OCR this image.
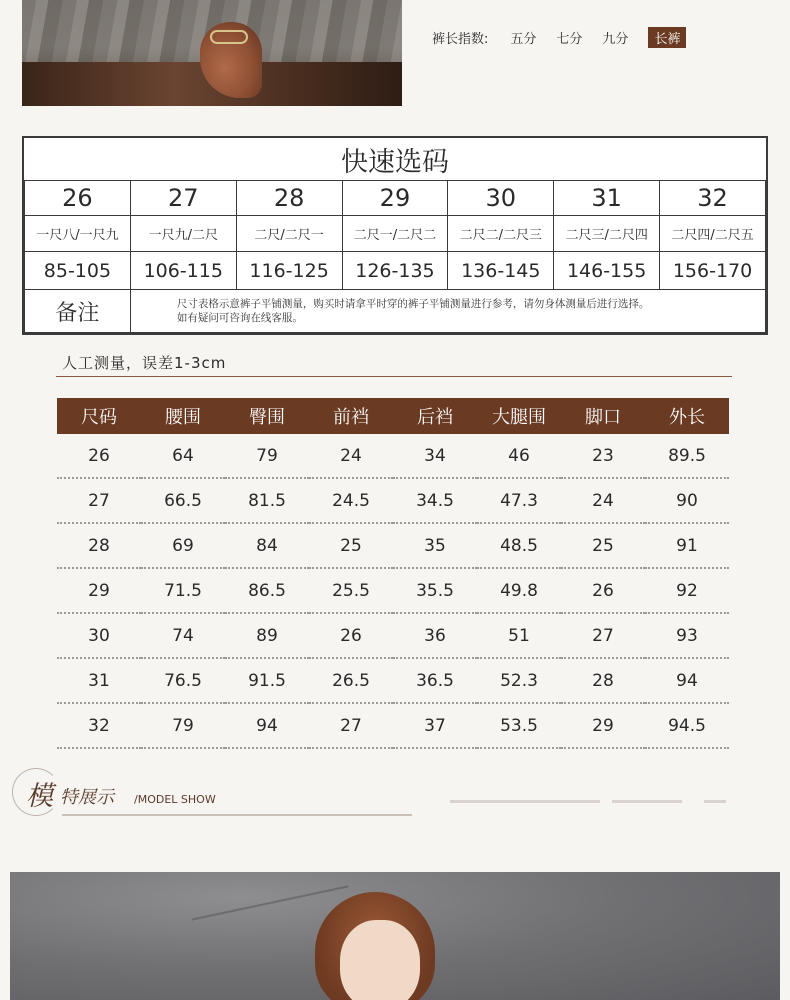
裤长指数: 五分 七分 九分	长裤
快速选码						
26	27	28	29	30	31	32
一尺八/一尺九	一尺九/二尺	二尺/二尺一	二尺一/二尺二	二尺二/二尺三	二尺三/二尺四	二尺四/二尺五
85-105	106-115	116-125	126-135	136-145	146-155	156-170
备注	尺寸表格示意裤子平铺测量，购买时请拿平时穿的裤子平铺测量进行参考，请勿身体测量后进行选择。
如有疑问可咨询在线客服。					
人工测量，误差1-3cm
尺码	腰围	臀围	前裆	后裆	大腿围	脚口	外长
26	64	79	24	34	46	23	89.5
27	66.5	81.5	24.5	34.5	47.3	24	90
28	69	84	25	35	48.5	25	91
29	71.5	86.5	25.5	35.5	49.8	26	92
30	74	89	26	36	51	27	93
31	76.5	91.5	26.5	36.5	52.3	28	94
32	79	94	27	37	53.5	29	94.5
模 特展示 /MODEL SHOW
